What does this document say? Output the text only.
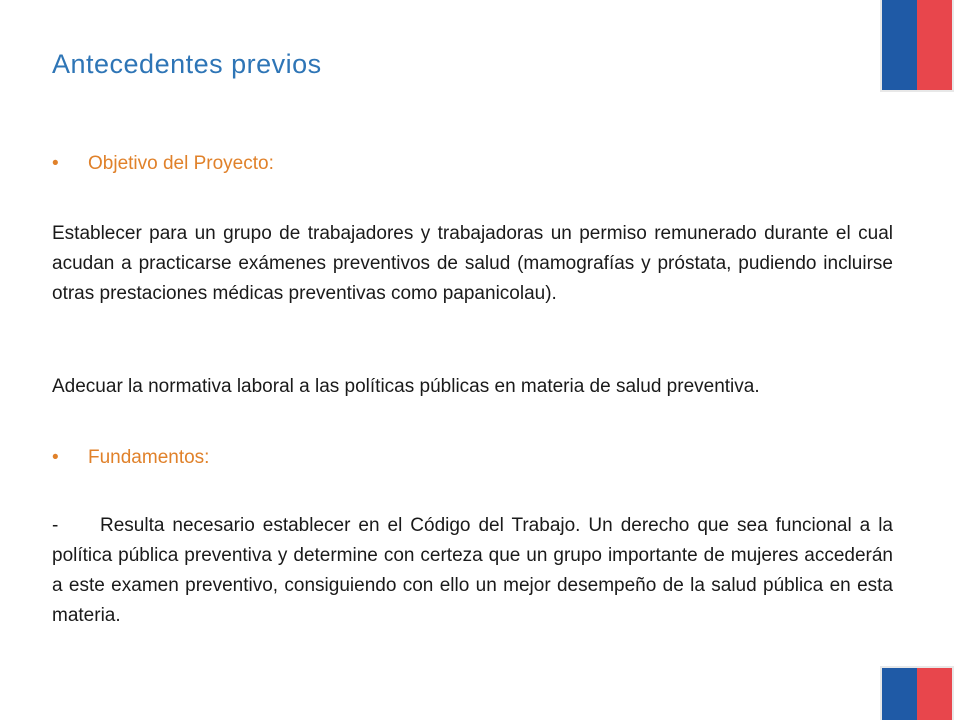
Antecedentes previos
•	Objetivo del Proyecto:

Establecer para un grupo de trabajadores y trabajadoras un permiso remunerado durante el cual acudan a practicarse exámenes preventivos de salud (mamografías y próstata, pudiendo incluirse otras prestaciones médicas preventivas como papanicolau).

Adecuar la normativa laboral a las políticas públicas en materia de salud preventiva.

•	Fundamentos:

- Resulta necesario establecer en el Código del Trabajo. Un derecho que sea funcional a la política pública preventiva y determine con certeza que un grupo importante de mujeres accederán a este examen preventivo, consiguiendo con ello un mejor desempeño de la salud pública en esta materia.
